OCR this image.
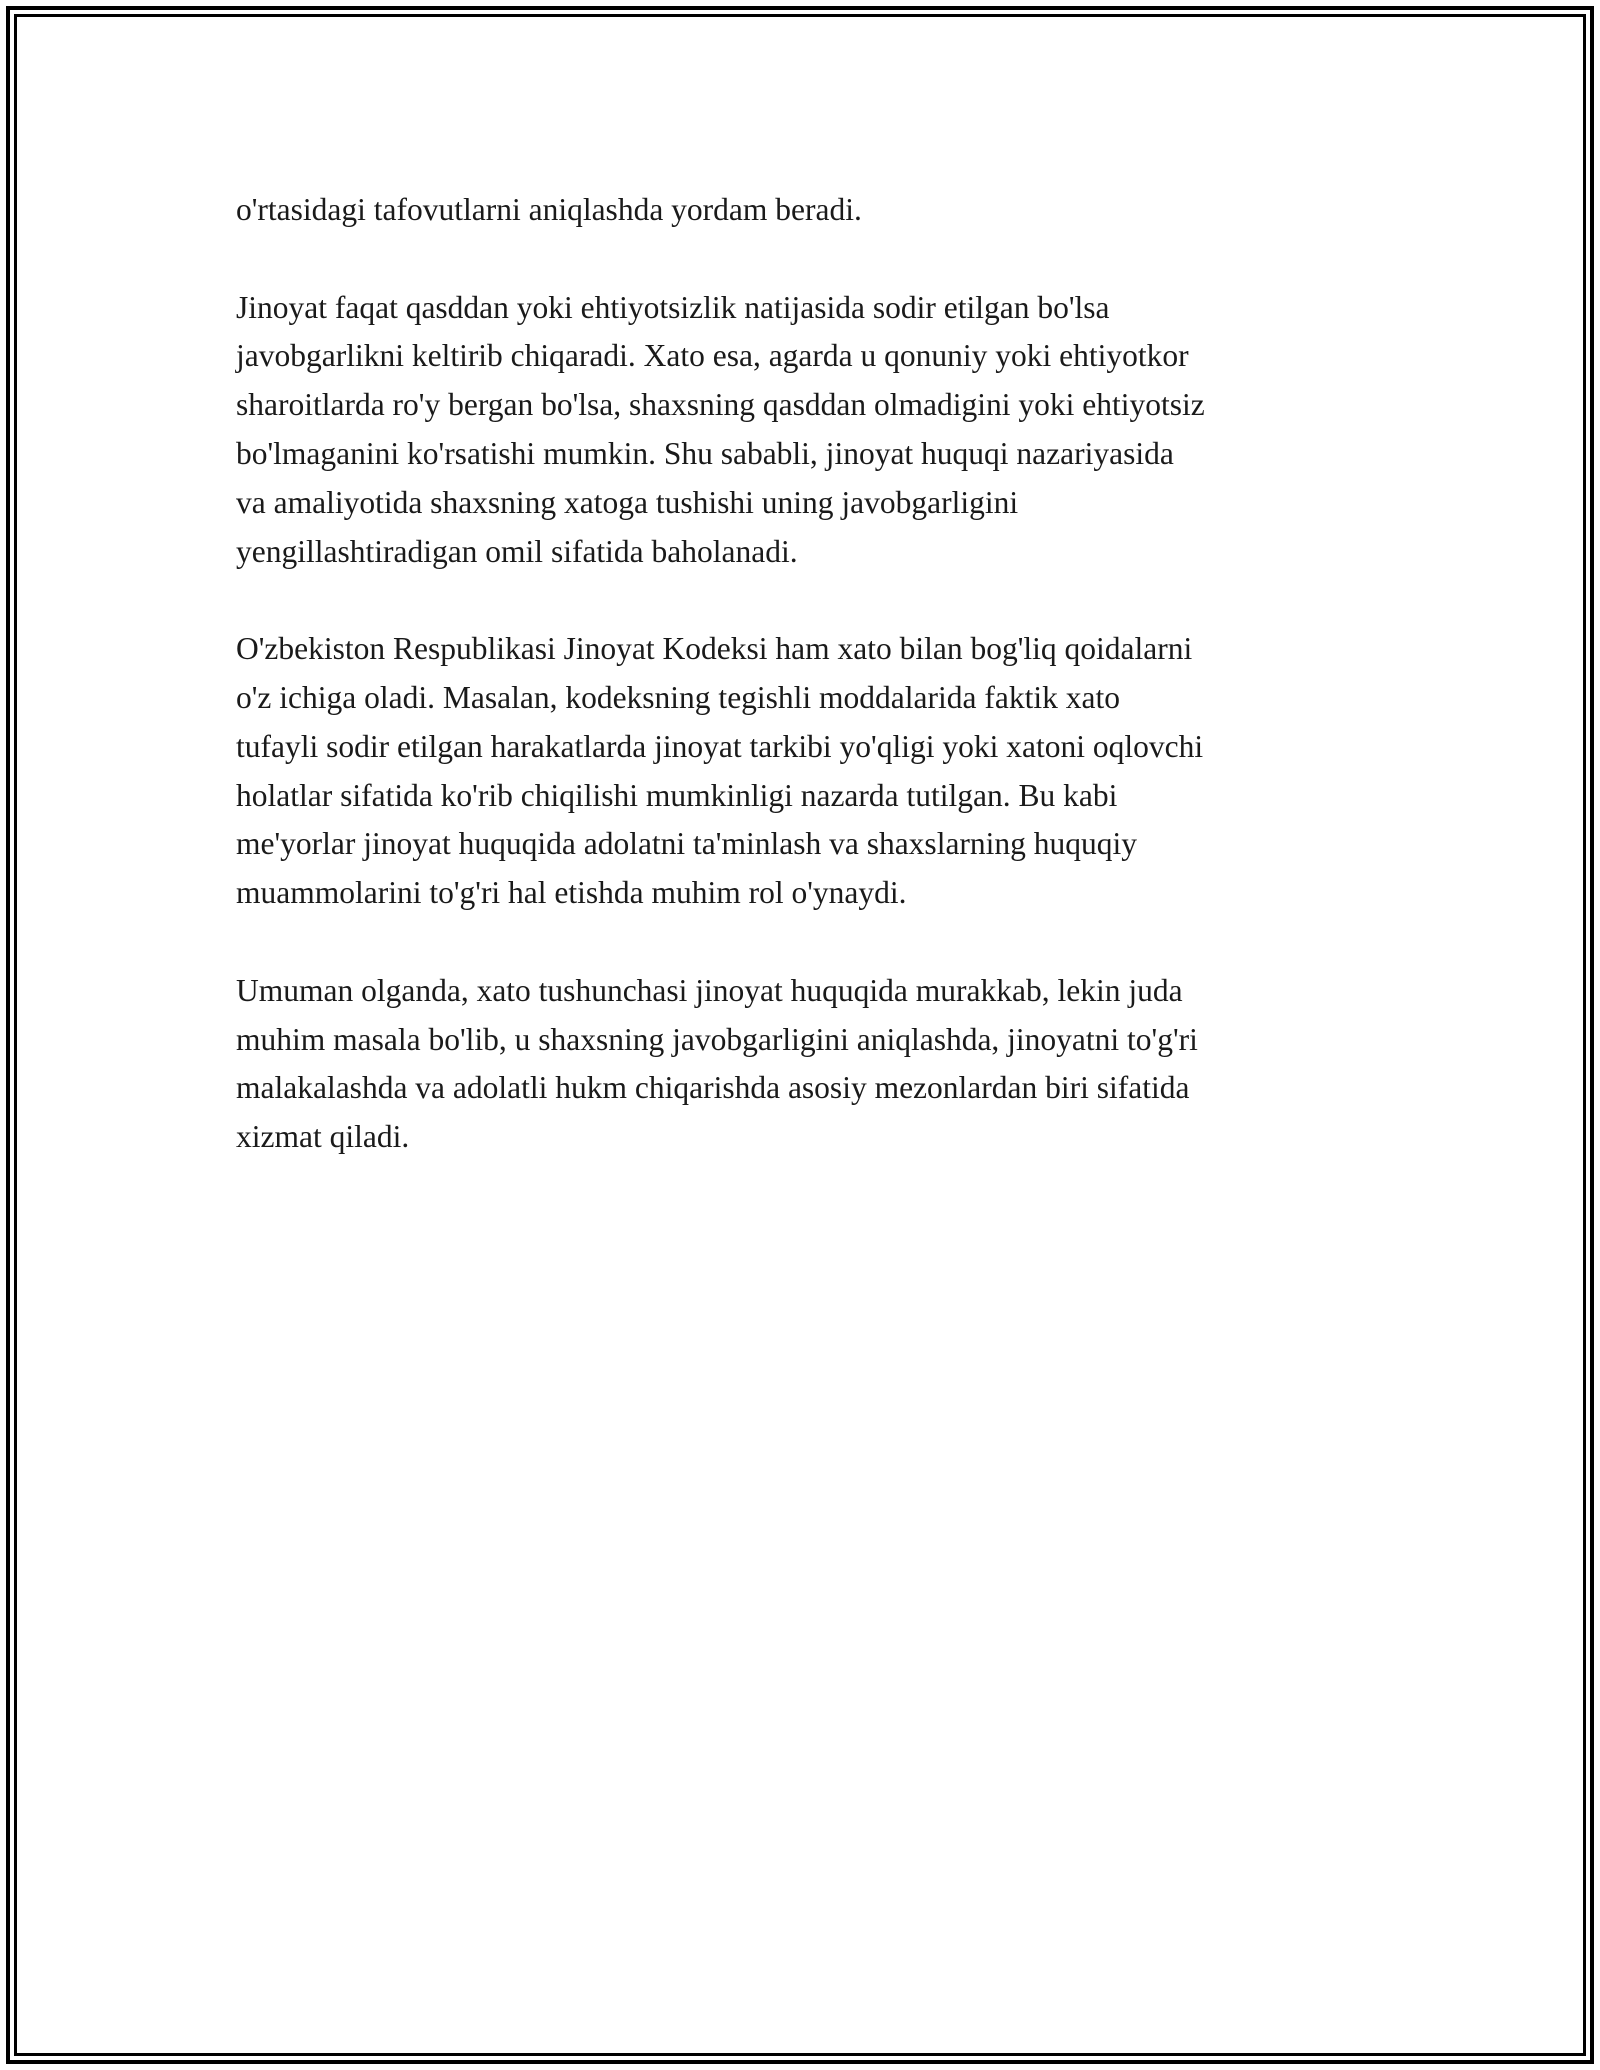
o'rtasidagi tafovutlarni aniqlashda yordam beradi.
Jinoyat faqat qasddan yoki ehtiyotsizlik natijasida sodir etilgan bo'lsa
javobgarlikni keltirib chiqaradi. Xato esa, agarda u qonuniy yoki ehtiyotkor
sharoitlarda ro'y bergan bo'lsa, shaxsning qasddan olmadigini yoki ehtiyotsiz
bo'lmaganini ko'rsatishi mumkin. Shu sababli, jinoyat huquqi nazariyasida
va amaliyotida shaxsning xatoga tushishi uning javobgarligini
yengillashtiradigan omil sifatida baholanadi.
O'zbekiston Respublikasi Jinoyat Kodeksi ham xato bilan bog'liq qoidalarni
o'z ichiga oladi. Masalan, kodeksning tegishli moddalarida faktik xato
tufayli sodir etilgan harakatlarda jinoyat tarkibi yo'qligi yoki xatoni oqlovchi
holatlar sifatida ko'rib chiqilishi mumkinligi nazarda tutilgan. Bu kabi
me'yorlar jinoyat huquqida adolatni ta'minlash va shaxslarning huquqiy
muammolarini to'g'ri hal etishda muhim rol o'ynaydi.
Umuman olganda, xato tushunchasi jinoyat huquqida murakkab, lekin juda
muhim masala bo'lib, u shaxsning javobgarligini aniqlashda, jinoyatni to'g'ri
malakalashda va adolatli hukm chiqarishda asosiy mezonlardan biri sifatida
xizmat qiladi.
